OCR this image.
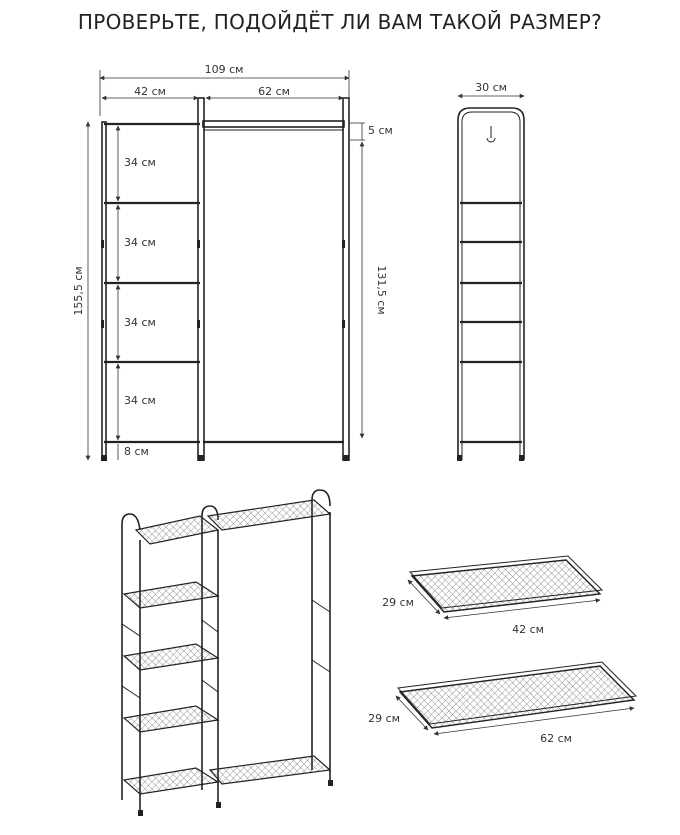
ПРОВЕРЬТЕ, ПОДОЙДЁТ ЛИ ВАМ ТАКОЙ РАЗМЕР?
109 см
42 см	62 см
5 см
34 см
34 см
34 см
34 см
8 см
155,5 см	131,5 см
30 см
29 см
42 см
29 см
62 см
